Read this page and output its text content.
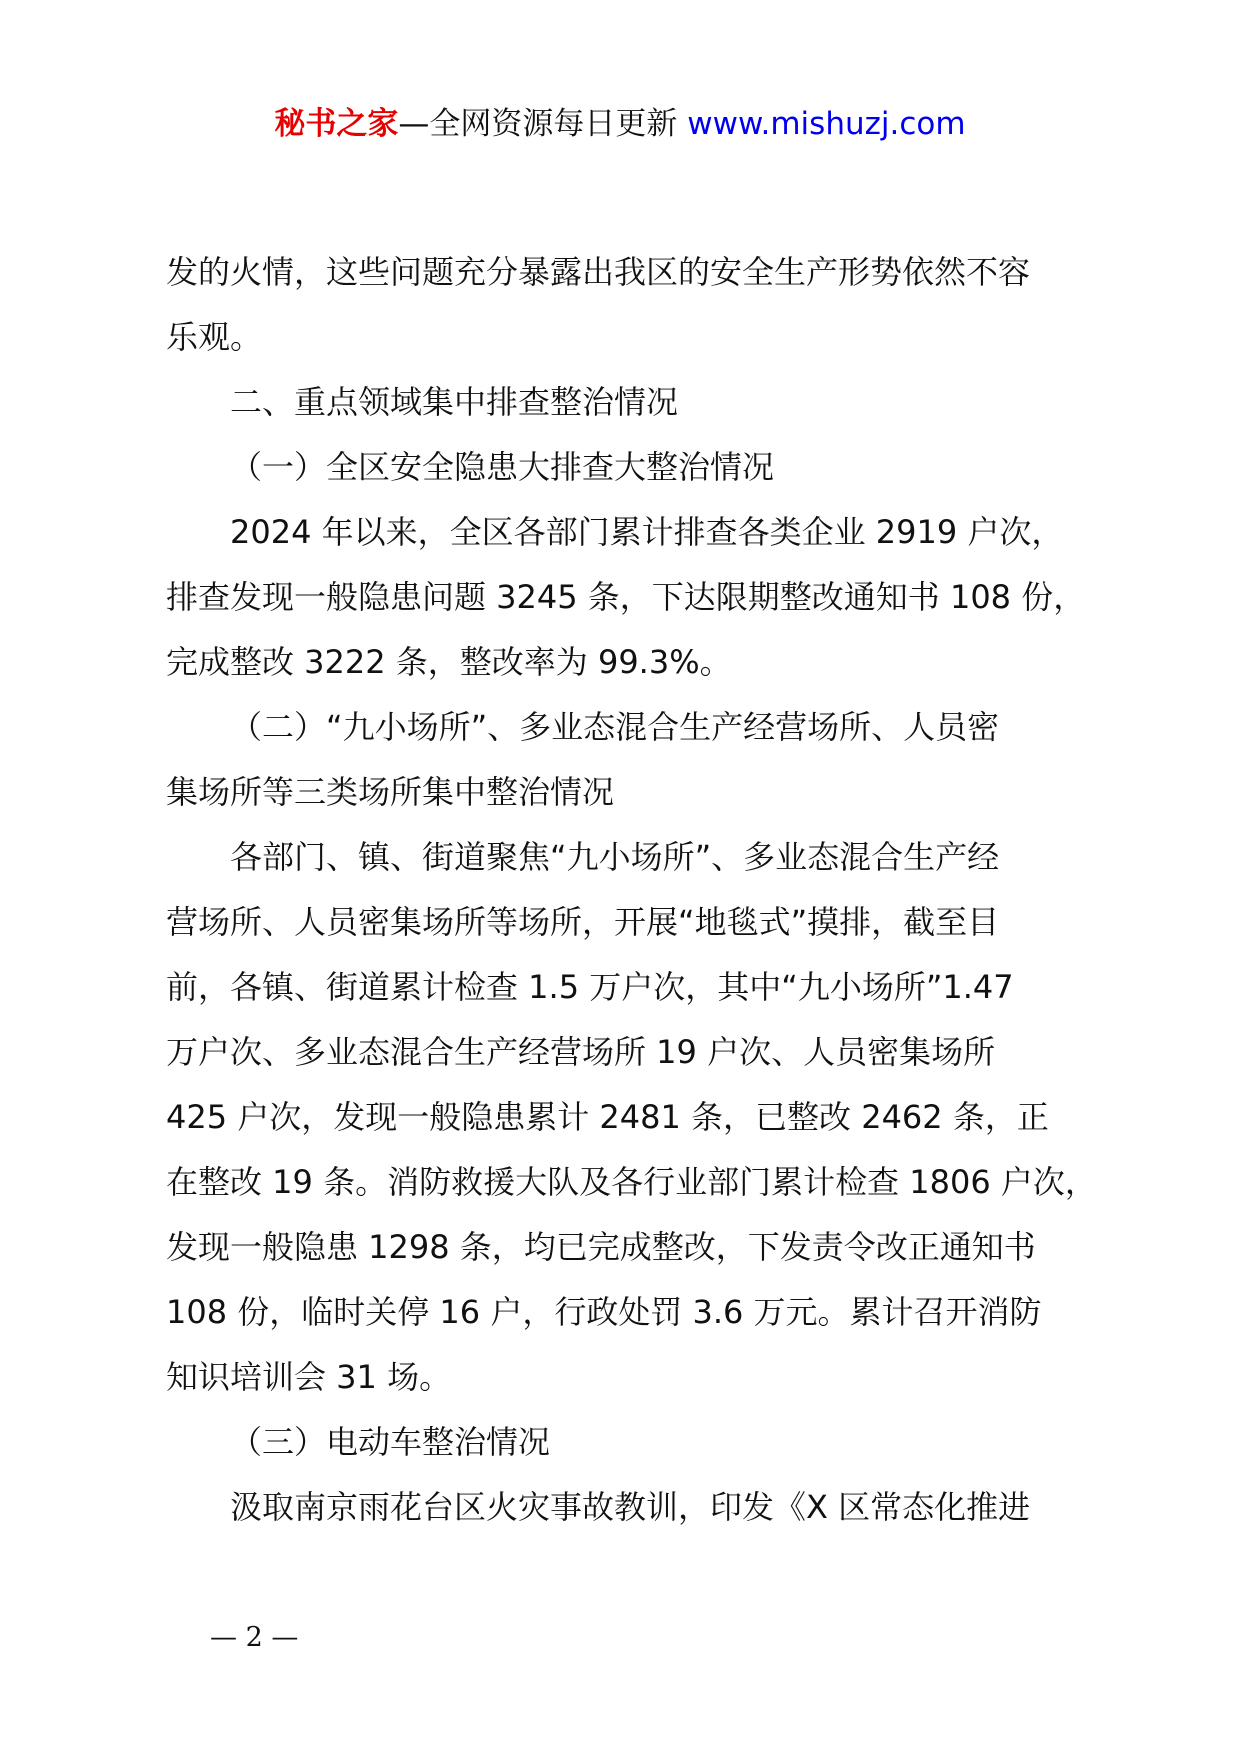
秘书之家—全网资源每日更新 www.mishuzj.com
发的火情，这些问题充分暴露出我区的安全生产形势依然不容
乐观。
二、重点领域集中排查整治情况
（一）全区安全隐患大排查大整治情况
2024 年以来，全区各部门累计排查各类企业 2919 户次，
排查发现一般隐患问题 3245 条，下达限期整改通知书 108 份，
完成整改 3222 条，整改率为 99.3%。
（二）“九小场所”、多业态混合生产经营场所、人员密
集场所等三类场所集中整治情况
各部门、镇、街道聚焦“九小场所”、多业态混合生产经
营场所、人员密集场所等场所，开展“地毯式”摸排，截至目
前，各镇、街道累计检查 1.5 万户次，其中“九小场所”1.47
万户次、多业态混合生产经营场所 19 户次、人员密集场所
425 户次，发现一般隐患累计 2481 条，已整改 2462 条，正
在整改 19 条。消防救援大队及各行业部门累计检查 1806 户次，
发现一般隐患 1298 条，均已完成整改，下发责令改正通知书
108 份，临时关停 16 户，行政处罚 3.6 万元。累计召开消防
知识培训会 31 场。
（三）电动车整治情况
汲取南京雨花台区火灾事故教训，印发《X 区常态化推进
— 2 —
